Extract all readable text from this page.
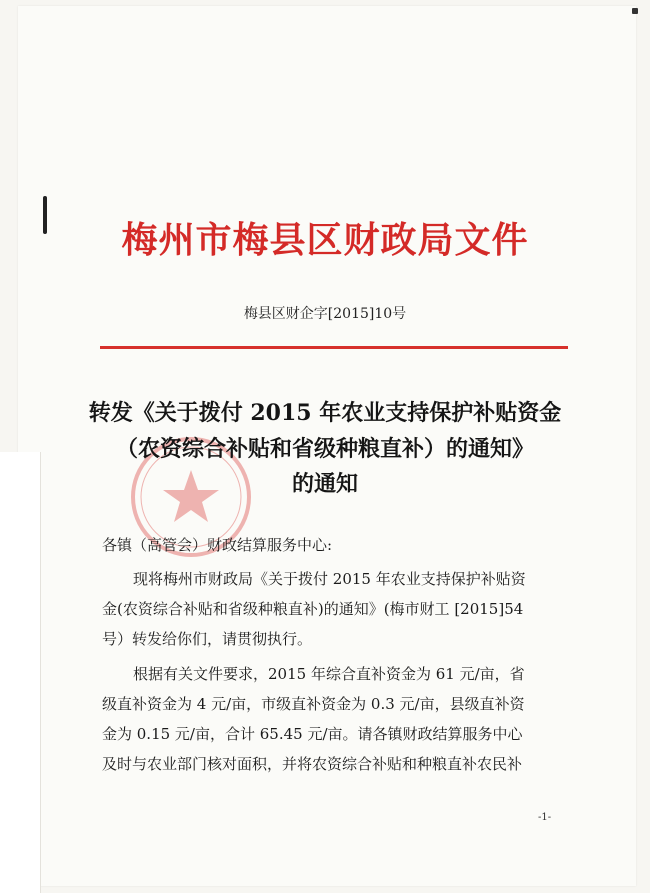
梅州市梅县区财政局文件
梅县区财企字[2015]10号
转发《关于拨付 2015 年农业支持保护补贴资金
（农资综合补贴和省级种粮直补）的通知》
的通知
各镇（高管会）财政结算服务中心:
现将梅州市财政局《关于拨付 2015 年农业支持保护补贴资
金(农资综合补贴和省级种粮直补)的通知》(梅市财工 [2015]54
号）转发给你们，请贯彻执行。
根据有关文件要求，2015 年综合直补资金为 61 元/亩，省
级直补资金为 4 元/亩，市级直补资金为 0.3 元/亩，县级直补资
金为 0.15 元/亩，合计 65.45 元/亩。请各镇财政结算服务中心
及时与农业部门核对面积，并将农资综合补贴和种粮直补农民补
-1-
